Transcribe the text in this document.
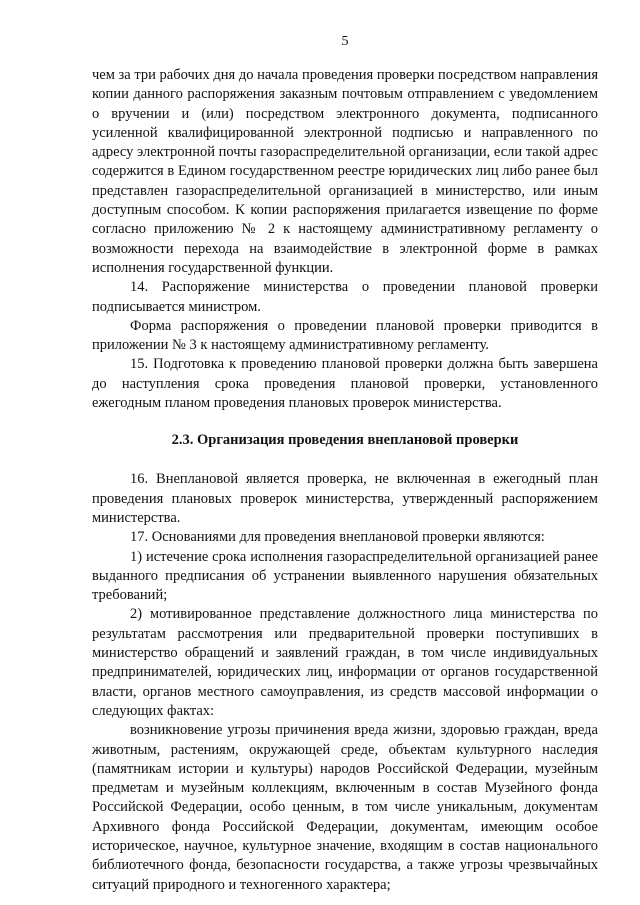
5

чем за три рабочих дня до начала проведения проверки посредством направления копии данного распоряжения заказным почтовым отправлением с уведомлением о вручении и (или) посредством электронного документа, подписанного усиленной квалифицированной электронной подписью и направленного по адресу электронной почты газораспределительной организации, если такой адрес содержится в Едином государственном реестре юридических лиц либо ранее был представлен газораспределительной организацией в министерство, или иным доступным способом. К копии распоряжения прилагается извещение по форме согласно приложению № 2 к настоящему административному регламенту о возможности перехода на взаимодействие в электронной форме в рамках исполнения государственной функции.

14. Распоряжение министерства о проведении плановой проверки подписывается министром.

Форма распоряжения о проведении плановой проверки приводится в приложении № 3 к настоящему административному регламенту.

15. Подготовка к проведению плановой проверки должна быть завершена до наступления срока проведения плановой проверки, установленного ежегодным планом проведения плановых проверок министерства.

2.3. Организация проведения внеплановой проверки

16. Внеплановой является проверка, не включенная в ежегодный план проведения плановых проверок министерства, утвержденный распоряжением министерства.

17. Основаниями для проведения внеплановой проверки являются:

1) истечение срока исполнения газораспределительной организацией ранее выданного предписания об устранении выявленного нарушения обязательных требований;

2) мотивированное представление должностного лица министерства по результатам рассмотрения или предварительной проверки поступивших в министерство обращений и заявлений граждан, в том числе индивидуальных предпринимателей, юридических лиц, информации от органов государственной власти, органов местного самоуправления, из средств массовой информации о следующих фактах:

возникновение угрозы причинения вреда жизни, здоровью граждан, вреда животным, растениям, окружающей среде, объектам культурного наследия (памятникам истории и культуры) народов Российской Федерации, музейным предметам и музейным коллекциям, включенным в состав Музейного фонда Российской Федерации, особо ценным, в том числе уникальным, документам Архивного фонда Российской Федерации, документам, имеющим особое историческое, научное, культурное значение, входящим в состав национального библиотечного фонда, безопасности государства, а также угрозы чрезвычайных ситуаций природного и техногенного характера;
